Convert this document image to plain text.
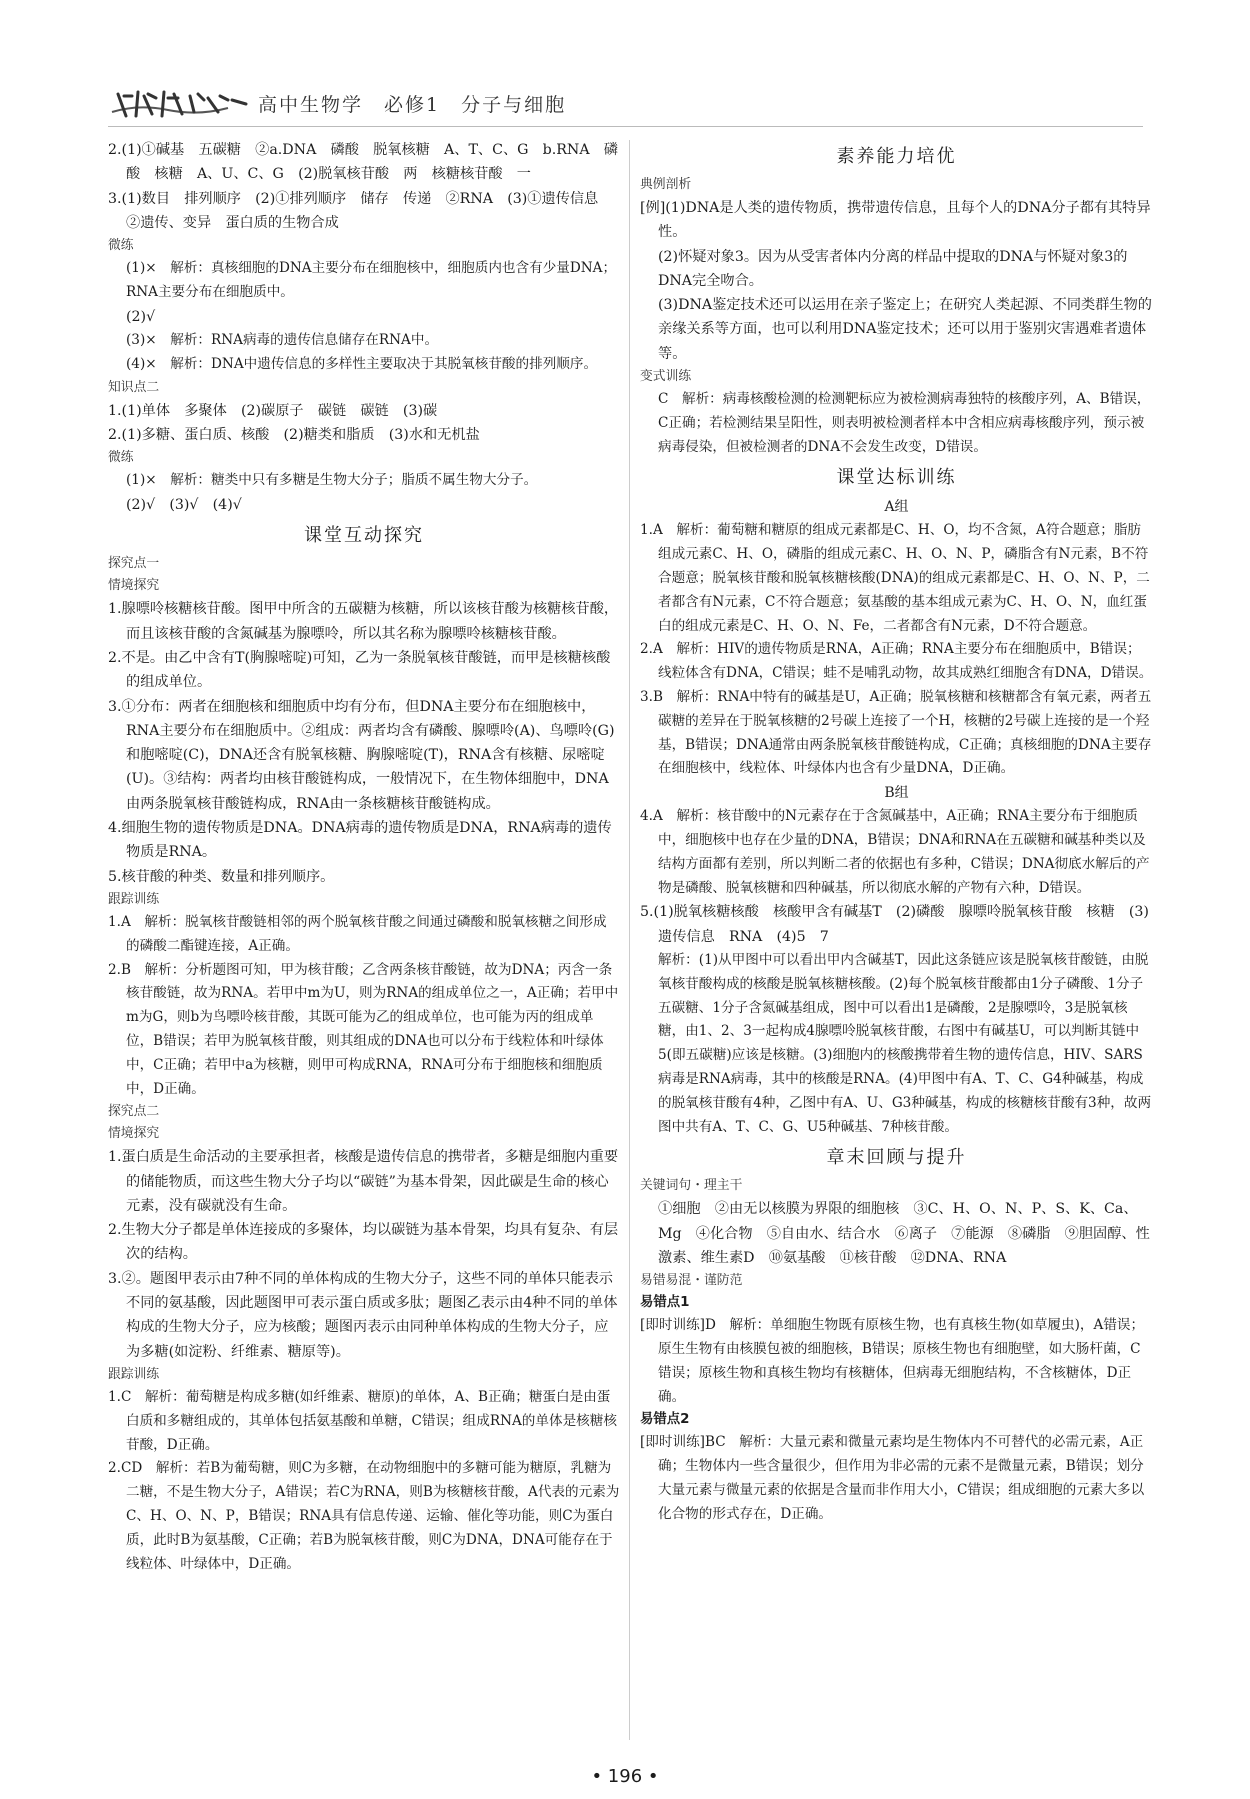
高中生物学　必修1　分子与细胞

2.(1)①碱基　五碳糖　②a.DNA　磷酸　脱氧核糖　A、T、C、G　b.RNA　磷酸　核糖　A、U、C、G　(2)脱氧核苷酸　两　核糖核苷酸　一

3.(1)数目　排列顺序　(2)①排列顺序　储存　传递　②RNA　(3)①遗传信息　②遗传、变异　蛋白质的生物合成

微练

(1)×　解析：真核细胞的DNA主要分布在细胞核中，细胞质内也含有少量DNA；RNA主要分布在细胞质中。

(2)√

(3)×　解析：RNA病毒的遗传信息储存在RNA中。

(4)×　解析：DNA中遗传信息的多样性主要取决于其脱氧核苷酸的排列顺序。

知识点二

1.(1)单体　多聚体　(2)碳原子　碳链　碳链　(3)碳

2.(1)多糖、蛋白质、核酸　(2)糖类和脂质　(3)水和无机盐

微练

(1)×　解析：糖类中只有多糖是生物大分子；脂质不属生物大分子。

(2)√　(3)√　(4)√

课堂互动探究

探究点一

情境探究

1.腺嘌呤核糖核苷酸。图甲中所含的五碳糖为核糖，所以该核苷酸为核糖核苷酸，而且该核苷酸的含氮碱基为腺嘌呤，所以其名称为腺嘌呤核糖核苷酸。

2.不是。由乙中含有T(胸腺嘧啶)可知，乙为一条脱氧核苷酸链，而甲是核糖核酸的组成单位。

3.①分布：两者在细胞核和细胞质中均有分布，但DNA主要分布在细胞核中，RNA主要分布在细胞质中。②组成：两者均含有磷酸、腺嘌呤(A)、鸟嘌呤(G)和胞嘧啶(C)，DNA还含有脱氧核糖、胸腺嘧啶(T)，RNA含有核糖、尿嘧啶(U)。③结构：两者均由核苷酸链构成，一般情况下，在生物体细胞中，DNA由两条脱氧核苷酸链构成，RNA由一条核糖核苷酸链构成。

4.细胞生物的遗传物质是DNA。DNA病毒的遗传物质是DNA，RNA病毒的遗传物质是RNA。

5.核苷酸的种类、数量和排列顺序。

跟踪训练

1.A　解析：脱氧核苷酸链相邻的两个脱氧核苷酸之间通过磷酸和脱氧核糖之间形成的磷酸二酯键连接，A正确。

2.B　解析：分析题图可知，甲为核苷酸；乙含两条核苷酸链，故为DNA；丙含一条核苷酸链，故为RNA。若甲中m为U，则为RNA的组成单位之一，A正确；若甲中m为G，则b为鸟嘌呤核苷酸，其既可能为乙的组成单位，也可能为丙的组成单位，B错误；若甲为脱氧核苷酸，则其组成的DNA也可以分布于线粒体和叶绿体中，C正确；若甲中a为核糖，则甲可构成RNA，RNA可分布于细胞核和细胞质中，D正确。

探究点二

情境探究

1.蛋白质是生命活动的主要承担者，核酸是遗传信息的携带者，多糖是细胞内重要的储能物质，而这些生物大分子均以“碳链”为基本骨架，因此碳是生命的核心元素，没有碳就没有生命。

2.生物大分子都是单体连接成的多聚体，均以碳链为基本骨架，均具有复杂、有层次的结构。

3.②。题图甲表示由7种不同的单体构成的生物大分子，这些不同的单体只能表示不同的氨基酸，因此题图甲可表示蛋白质或多肽；题图乙表示由4种不同的单体构成的生物大分子，应为核酸；题图丙表示由同种单体构成的生物大分子，应为多糖(如淀粉、纤维素、糖原等)。

跟踪训练

1.C　解析：葡萄糖是构成多糖(如纤维素、糖原)的单体，A、B正确；糖蛋白是由蛋白质和多糖组成的，其单体包括氨基酸和单糖，C错误；组成RNA的单体是核糖核苷酸，D正确。

2.CD　解析：若B为葡萄糖，则C为多糖，在动物细胞中的多糖可能为糖原，乳糖为二糖，不是生物大分子，A错误；若C为RNA，则B为核糖核苷酸，A代表的元素为C、H、O、N、P，B错误；RNA具有信息传递、运输、催化等功能，则C为蛋白质，此时B为氨基酸，C正确；若B为脱氧核苷酸，则C为DNA，DNA可能存在于线粒体、叶绿体中，D正确。

素养能力培优

典例剖析

[例](1)DNA是人类的遗传物质，携带遗传信息，且每个人的DNA分子都有其特异性。

(2)怀疑对象3。因为从受害者体内分离的样品中提取的DNA与怀疑对象3的DNA完全吻合。

(3)DNA鉴定技术还可以运用在亲子鉴定上；在研究人类起源、不同类群生物的亲缘关系等方面，也可以利用DNA鉴定技术；还可以用于鉴别灾害遇难者遗体等。

变式训练

C　解析：病毒核酸检测的检测靶标应为被检测病毒独特的核酸序列，A、B错误，C正确；若检测结果呈阳性，则表明被检测者样本中含相应病毒核酸序列，预示被病毒侵染，但被检测者的DNA不会发生改变，D错误。

课堂达标训练

A组

1.A　解析：葡萄糖和糖原的组成元素都是C、H、O，均不含氮，A符合题意；脂肪组成元素C、H、O，磷脂的组成元素C、H、O、N、P，磷脂含有N元素，B不符合题意；脱氧核苷酸和脱氧核糖核酸(DNA)的组成元素都是C、H、O、N、P，二者都含有N元素，C不符合题意；氨基酸的基本组成元素为C、H、O、N，血红蛋白的组成元素是C、H、O、N、Fe，二者都含有N元素，D不符合题意。

2.A　解析：HIV的遗传物质是RNA，A正确；RNA主要分布在细胞质中，B错误；线粒体含有DNA，C错误；蛙不是哺乳动物，故其成熟红细胞含有DNA，D错误。

3.B　解析：RNA中特有的碱基是U，A正确；脱氧核糖和核糖都含有氧元素，两者五碳糖的差异在于脱氧核糖的2号碳上连接了一个H，核糖的2号碳上连接的是一个羟基，B错误；DNA通常由两条脱氧核苷酸链构成，C正确；真核细胞的DNA主要存在细胞核中，线粒体、叶绿体内也含有少量DNA，D正确。

B组

4.A　解析：核苷酸中的N元素存在于含氮碱基中，A正确；RNA主要分布于细胞质中，细胞核中也存在少量的DNA，B错误；DNA和RNA在五碳糖和碱基种类以及结构方面都有差别，所以判断二者的依据也有多种，C错误；DNA彻底水解后的产物是磷酸、脱氧核糖和四种碱基，所以彻底水解的产物有六种，D错误。

5.(1)脱氧核糖核酸　核酸甲含有碱基T　(2)磷酸　腺嘌呤脱氧核苷酸　核糖　(3)遗传信息　RNA　(4)5　7

解析：(1)从甲图中可以看出甲内含碱基T，因此这条链应该是脱氧核苷酸链，由脱氧核苷酸构成的核酸是脱氧核糖核酸。(2)每个脱氧核苷酸都由1分子磷酸、1分子五碳糖、1分子含氮碱基组成，图中可以看出1是磷酸，2是腺嘌呤，3是脱氧核糖，由1、2、3一起构成4腺嘌呤脱氧核苷酸，右图中有碱基U，可以判断其链中5(即五碳糖)应该是核糖。(3)细胞内的核酸携带着生物的遗传信息，HIV、SARS病毒是RNA病毒，其中的核酸是RNA。(4)甲图中有A、T、C、G4种碱基，构成的脱氧核苷酸有4种，乙图中有A、U、G3种碱基，构成的核糖核苷酸有3种，故两图中共有A、T、C、G、U5种碱基、7种核苷酸。

章末回顾与提升

关键词句・理主干

①细胞　②由无以核膜为界限的细胞核　③C、H、O、N、P、S、K、Ca、Mg　④化合物　⑤自由水、结合水　⑥离子　⑦能源　⑧磷脂　⑨胆固醇、性激素、维生素D　⑩氨基酸　⑪核苷酸　⑫DNA、RNA

易错易混・谨防范

易错点1

[即时训练]D　解析：单细胞生物既有原核生物，也有真核生物(如草履虫)，A错误；原生生物有由核膜包被的细胞核，B错误；原核生物也有细胞壁，如大肠杆菌，C错误；原核生物和真核生物均有核糖体，但病毒无细胞结构，不含核糖体，D正确。

易错点2

[即时训练]BC　解析：大量元素和微量元素均是生物体内不可替代的必需元素，A正确；生物体内一些含量很少，但作用为非必需的元素不是微量元素，B错误；划分大量元素与微量元素的依据是含量而非作用大小，C错误；组成细胞的元素大多以化合物的形式存在，D正确。

• 196 •
